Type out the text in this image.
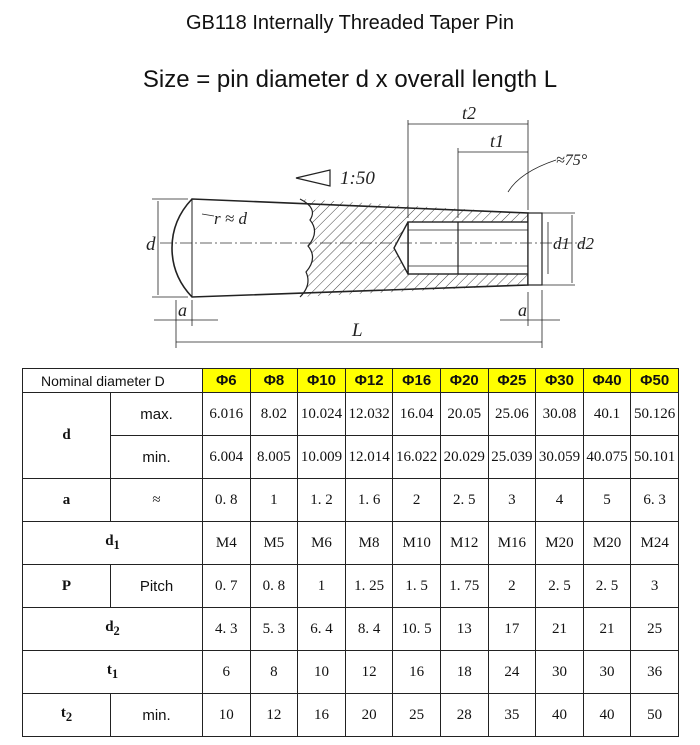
GB118 Internally Threaded Taper Pin
Size = pin diameter d x overall length L
t2
t1
≈75°
1:50
r ≈ d
d	d1 d2
a	a
L
Nominal diameter D		Φ6	Φ8	Φ10	Φ12	Φ16	Φ20	Φ25	Φ30	Φ40	Φ50
d	max.	6.016	8.02	10.024	12.032	16.04	20.05	25.06	30.08	40.1	50.126
	min.	6.004	8.005	10.009	12.014	16.022	20.029	25.039	30.059	40.075	50.101
a	≈	0. 8	1	1. 2	1. 6	2	2. 5	3	4	5	6. 3
$d_1$		M4	M5	M6	M8	M10	M12	M16	M20	M20	M24
P	Pitch	0. 7	0. 8	1	1. 25	1. 5	1. 75	2	2. 5	2. 5	3
$d_2$		4. 3	5. 3	6. 4	8. 4	10. 5	13	17	21	21	25
$t_1$		6	8	10	12	16	18	24	30	30	36
$t_2$	min.	10	12	16	20	25	28	35	40	40	50
